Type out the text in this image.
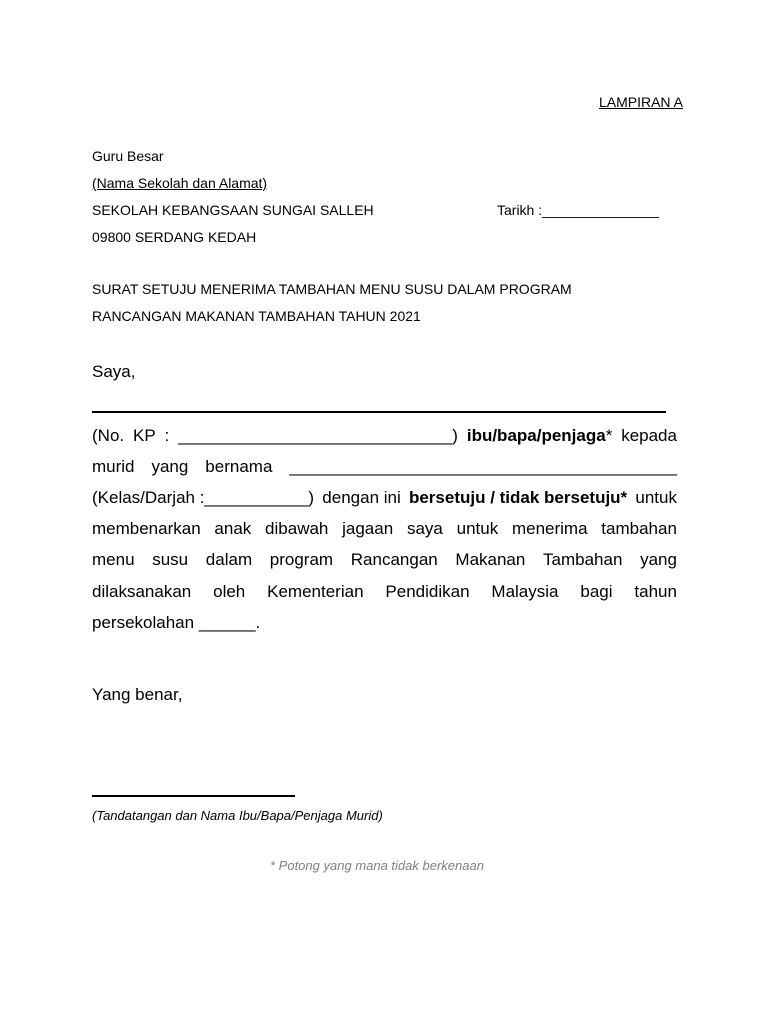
LAMPIRAN A
Guru Besar
(Nama Sekolah dan Alamat)
SEKOLAH KEBANGSAAN SUNGAI SALLEH	Tarikh :_______________
09800 SERDANG KEDAH
SURAT SETUJU MENERIMA TAMBAHAN MENU SUSU DALAM PROGRAM
RANCANGAN MAKANAN TAMBAHAN TAHUN 2021
Saya,
(No. KP : _____________________________) ibu/bapa/penjaga* kepada
murid yang bernama _________________________________________
(Kelas/Darjah :___________) dengan ini bersetuju / tidak bersetuju* untuk
membenarkan anak dibawah jagaan saya untuk menerima tambahan
menu susu dalam program Rancangan Makanan Tambahan yang
dilaksanakan oleh Kementerian Pendidikan Malaysia bagi tahun
persekolahan ______.
Yang benar,
(Tandatangan dan Nama Ibu/Bapa/Penjaga Murid)
* Potong yang mana tidak berkenaan
